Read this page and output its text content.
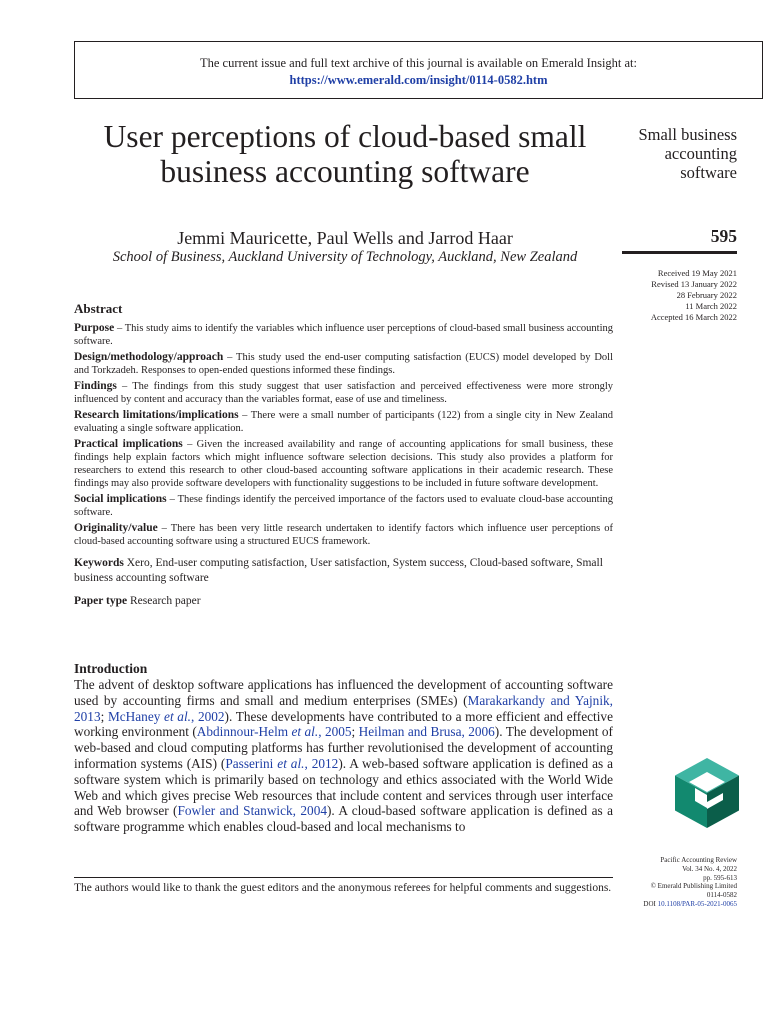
The current issue and full text archive of this journal is available on Emerald Insight at:
https://www.emerald.com/insight/0114-0582.htm
User perceptions of cloud-based small business accounting software
Jemmi Mauricette, Paul Wells and Jarrod Haar
School of Business, Auckland University of Technology, Auckland, New Zealand
Small business accounting software
595
Received 19 May 2021
Revised 13 January 2022
28 February 2022
11 March 2022
Accepted 16 March 2022
Abstract

Purpose – This study aims to identify the variables which influence user perceptions of cloud-based small business accounting software.

Design/methodology/approach – This study used the end-user computing satisfaction (EUCS) model developed by Doll and Torkzadeh. Responses to open-ended questions informed these findings.

Findings – The findings from this study suggest that user satisfaction and perceived effectiveness were more strongly influenced by content and accuracy than the variables format, ease of use and timeliness.

Research limitations/implications – There were a small number of participants (122) from a single city in New Zealand evaluating a single software application.

Practical implications – Given the increased availability and range of accounting applications for small business, these findings help explain factors which might influence software selection decisions. This study also provides a platform for researchers to extend this research to other cloud-based accounting software applications in their academic research. These findings may also provide software developers with functionality suggestions to be included in future software development.

Social implications – These findings identify the perceived importance of the factors used to evaluate cloud-base accounting software.

Originality/value – There has been very little research undertaken to identify factors which influence user perceptions of cloud-based accounting software using a structured EUCS framework.

Keywords Xero, End-user computing satisfaction, User satisfaction, System success, Cloud-based software, Small business accounting software
Paper type Research paper
Introduction

The advent of desktop software applications has influenced the development of accounting software used by accounting firms and small and medium enterprises (SMEs) (Marakarkandy and Yajnik, 2013; McHaney et al., 2002). These developments have contributed to a more efficient and effective working environment (Abdinnour-Helm et al., 2005; Heilman and Brusa, 2006). The development of web-based and cloud computing platforms has further revolutionised the development of accounting information systems (AIS) (Passerini et al., 2012). A web-based software application is defined as a software system which is primarily based on technology and ethics associated with the World Wide Web and which gives precise Web resources that include content and services through user interface and Web browser (Fowler and Stanwick, 2004). A cloud-based software application is defined as a software programme which enables cloud-based and local mechanisms to

The authors would like to thank the guest editors and the anonymous referees for helpful comments and suggestions.
Pacific Accounting Review
Vol. 34 No. 4, 2022
pp. 595-613
© Emerald Publishing Limited
0114-0582
DOI 10.1108/PAR-05-2021-0065
